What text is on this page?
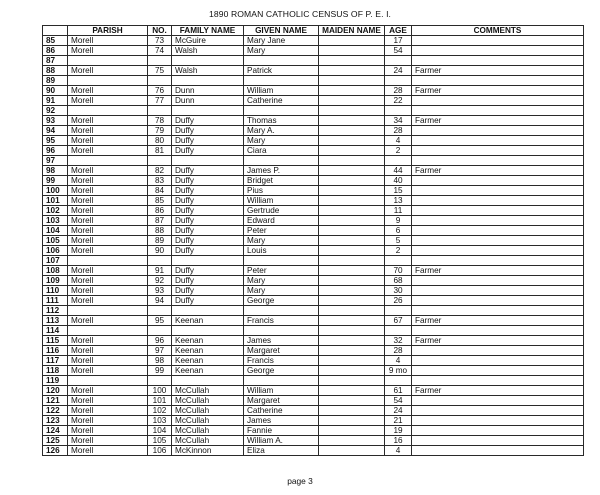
1890 ROMAN CATHOLIC CENSUS OF P. E. I.
	PARISH	NO.	FAMILY NAME	GIVEN NAME	MAIDEN NAME	AGE	COMMENTS
85	Morell	73	McGuire	Mary Jane		17	
86	Morell	74	Walsh	Mary		54	
87							
88	Morell	75	Walsh	Patrick		24	Farmer
89							
90	Morell	76	Dunn	William		28	Farmer
91	Morell	77	Dunn	Catherine		22	
92							
93	Morell	78	Duffy	Thomas		34	Farmer
94	Morell	79	Duffy	Mary A.		28	
95	Morell	80	Duffy	Mary		4	
96	Morell	81	Duffy	Ciara		2	
97							
98	Morell	82	Duffy	James P.		44	Farmer
99	Morell	83	Duffy	Bridget		40	
100	Morell	84	Duffy	Pius		15	
101	Morell	85	Duffy	William		13	
102	Morell	86	Duffy	Gertrude		11	
103	Morell	87	Duffy	Edward		9	
104	Morell	88	Duffy	Peter		6	
105	Morell	89	Duffy	Mary		5	
106	Morell	90	Duffy	Louis		2	
107							
108	Morell	91	Duffy	Peter		70	Farmer
109	Morell	92	Duffy	Mary		68	
110	Morell	93	Duffy	Mary		30	
111	Morell	94	Duffy	George		26	
112							
113	Morell	95	Keenan	Francis		67	Farmer
114							
115	Morell	96	Keenan	James		32	Farmer
116	Morell	97	Keenan	Margaret		28	
117	Morell	98	Keenan	Francis		4	
118	Morell	99	Keenan	George		9 mo	
119							
120	Morell	100	McCullah	William		61	Farmer
121	Morell	101	McCullah	Margaret		54	
122	Morell	102	McCullah	Catherine		24	
123	Morell	103	McCullah	James		21	
124	Morell	104	McCullah	Fannie		19	
125	Morell	105	McCullah	William A.		16	
126	Morell	106	McKinnon	Eliza		4	
page 3
